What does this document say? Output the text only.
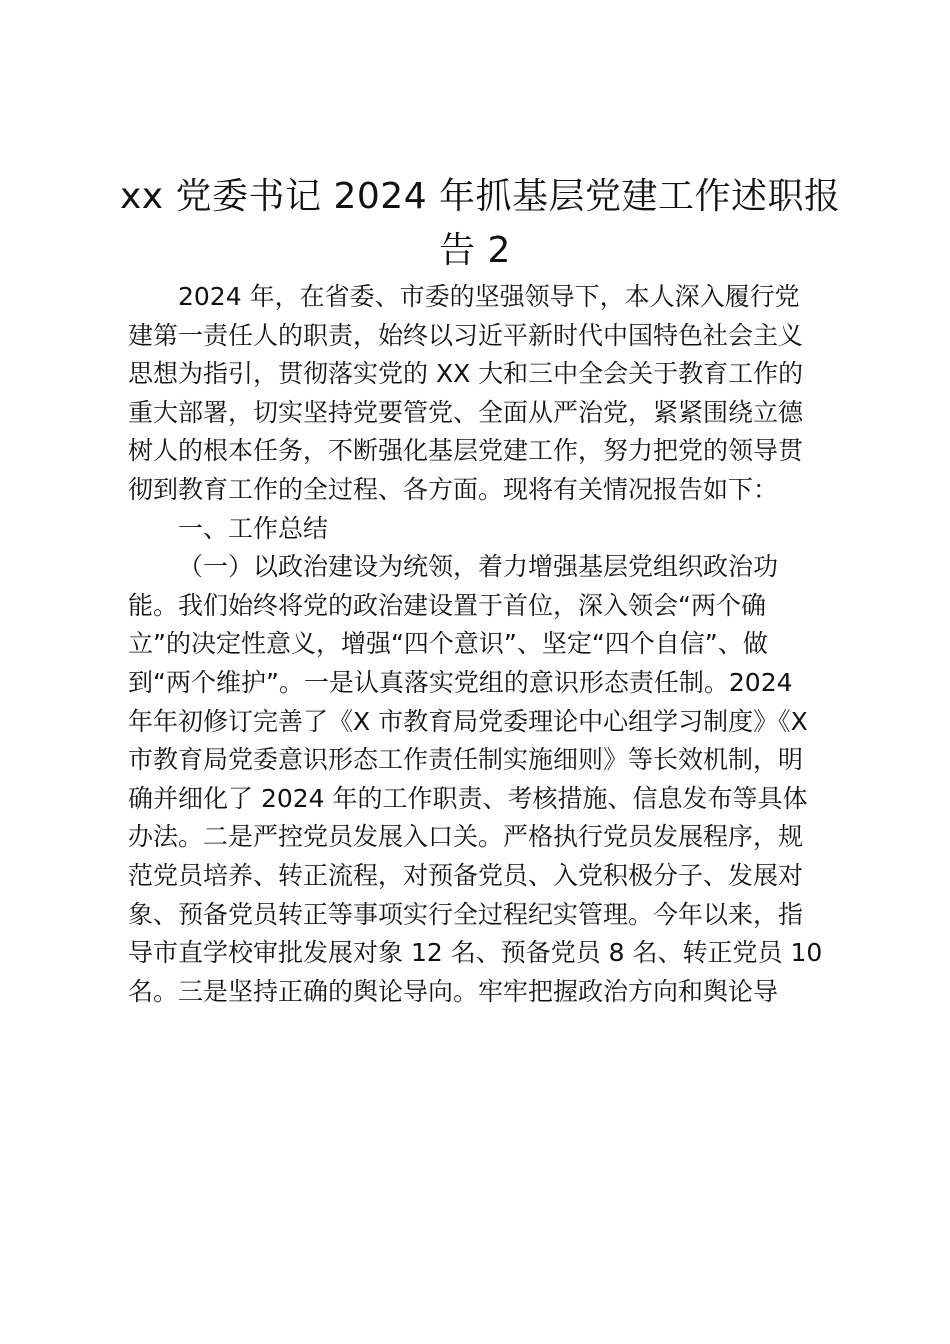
xx 党委书记 2024 年抓基层党建工作述职报
告 2
2024 年，在省委、市委的坚强领导下，本人深入履行党
建第一责任人的职责，始终以习近平新时代中国特色社会主义
思想为指引，贯彻落实党的 XX 大和三中全会关于教育工作的
重大部署，切实坚持党要管党、全面从严治党，紧紧围绕立德
树人的根本任务，不断强化基层党建工作，努力把党的领导贯
彻到教育工作的全过程、各方面。现将有关情况报告如下：
一、工作总结
（一）以政治建设为统领，着力增强基层党组织政治功
能。我们始终将党的政治建设置于首位，深入领会“两个确
立”的决定性意义，增强“四个意识”、坚定“四个自信”、做
到“两个维护”。一是认真落实党组的意识形态责任制。2024
年年初修订完善了《X 市教育局党委理论中心组学习制度》《X
市教育局党委意识形态工作责任制实施细则》等长效机制，明
确并细化了 2024 年的工作职责、考核措施、信息发布等具体
办法。二是严控党员发展入口关。严格执行党员发展程序，规
范党员培养、转正流程，对预备党员、入党积极分子、发展对
象、预备党员转正等事项实行全过程纪实管理。今年以来，指
导市直学校审批发展对象 12 名、预备党员 8 名、转正党员 10
名。三是坚持正确的舆论导向。牢牢把握政治方向和舆论导
